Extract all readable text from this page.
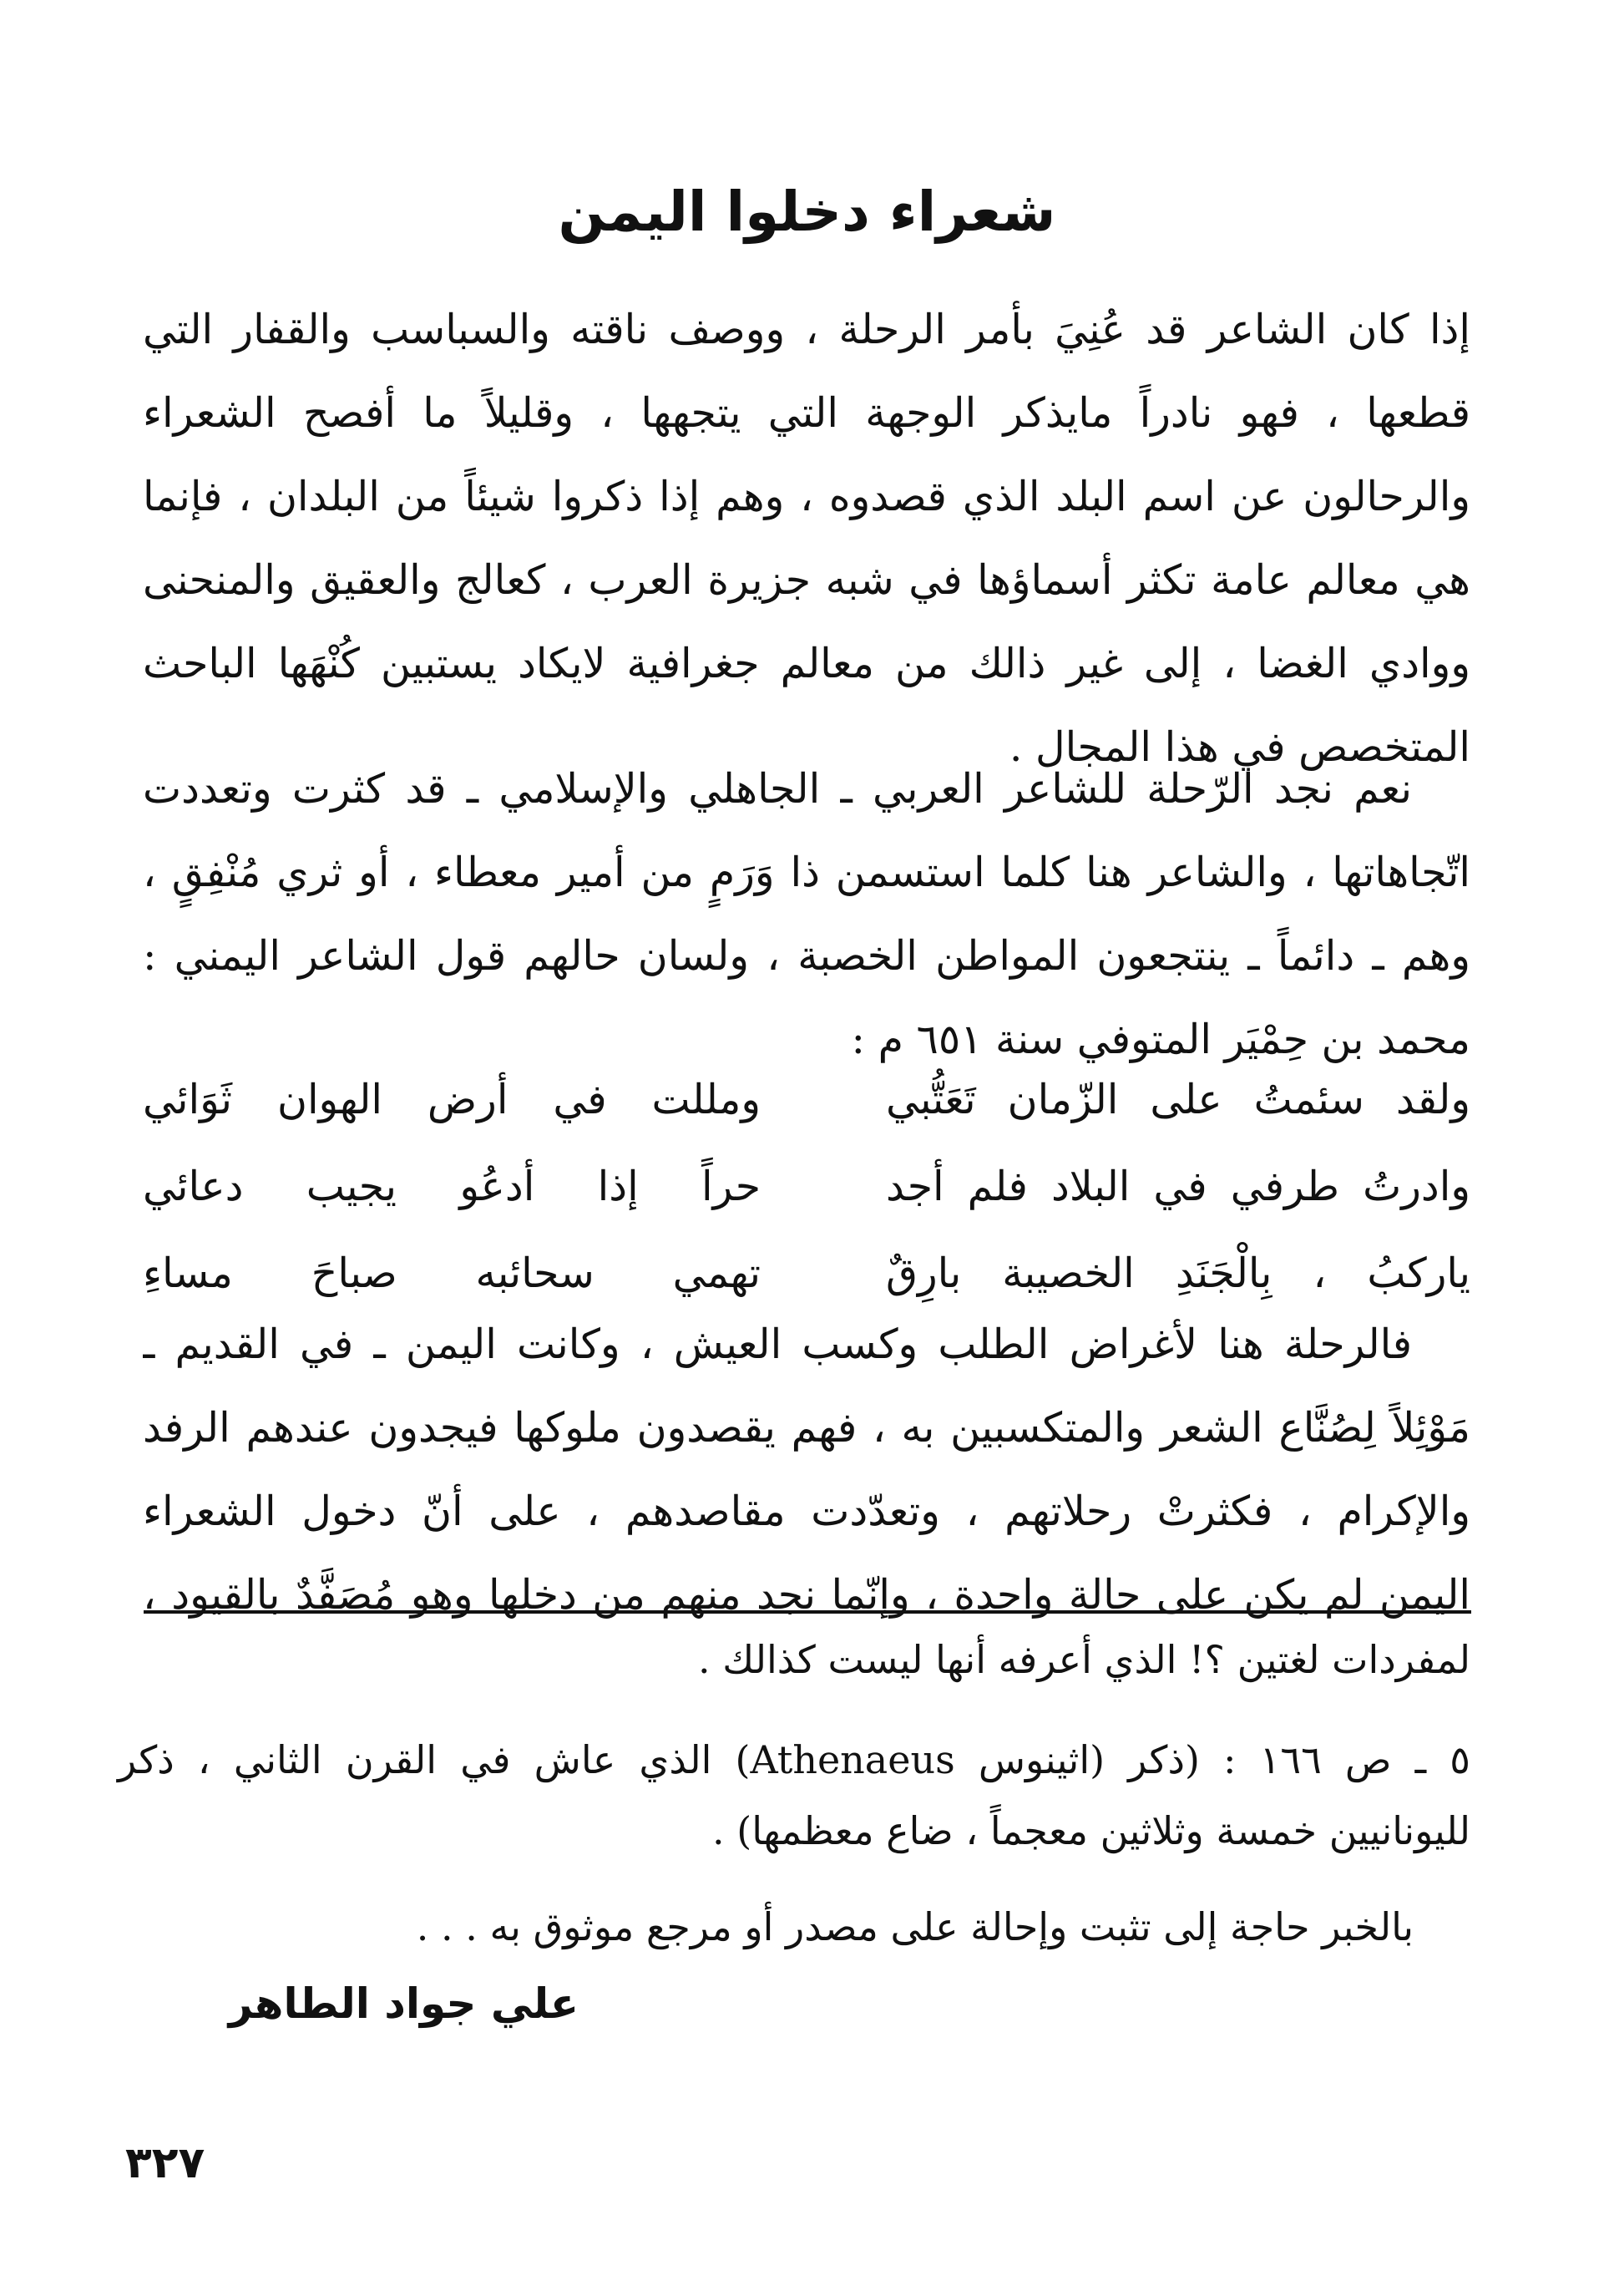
شعراء دخلوا اليمن
إذا كان الشاعر قد عُنِيَ بأمر الرحلة ، ووصف ناقته والسباسب والقفار التي
قطعها ، فهو نادراً مايذكر الوجهة التي يتجهها ، وقليلاً ما أفصح الشعراء
والرحالون عن اسم البلد الذي قصدوه ، وهم إذا ذكروا شيئاً من البلدان ، فإنما
هي معالم عامة تكثر أسماؤها في شبه جزيرة العرب ، كعالج والعقيق والمنحنى
ووادي الغضا ، إلى غير ذالك من معالم جغرافية لايكاد يستبين كُنْهَها الباحث
المتخصص في هذا المجال .
نعم نجد الرّحلة للشاعر العربي ـ الجاهلي والإسلامي ـ قد كثرت وتعددت
اتّجاهاتها ، والشاعر هنا كلما استسمن ذا وَرَمٍ من أمير معطاء ، أو ثري مُنْفِقٍ ،
وهم ـ دائماً ـ ينتجعون المواطن الخصبة ، ولسان حالهم قول الشاعر اليمني :
محمد بن حِمْيَر المتوفي سنة ٦٥١ م :
ولقد سئمتُ على الزّمان تَعَتُّبي
ومللت في أرض الهوان ثَوَائي
وادرتُ طرفي في البلاد فلم أجد
حراً إذا أدعُو يجيب دعائي
ياركبُ ، بِالْجَنَدِ الخصيبة بارِقٌ
تهمي سحائبه صباحَ مساءِ
فالرحلة هنا لأغراض الطلب وكسب العيش ، وكانت اليمن ـ في القديم ـ
مَوْئِلاً لِصُنَّاع الشعر والمتكسبين به ، فهم يقصدون ملوكها فيجدون عندهم الرفد
والإكرام ، فكثرتْ رحلاتهم ، وتعدّدت مقاصدهم ، على أنّ دخول الشعراء
اليمن لم يكن على حالة واحدة ، وإنّما نجد منهم من دخلها وهو مُصَفَّدٌ بالقيود ،
لمفردات لغتين ؟! الذي أعرفه أنها ليست كذالك .
٥ ـ ص ١٦٦ : (ذكر (اثينوس Athenaeus) الذي عاش في القرن الثاني ، ذكر
لليونانيين خمسة وثلاثين معجماً ، ضاع معظمها) .
بالخبر حاجة إلى تثبت وإحالة على مصدر أو مرجع موثوق به . . .
علي جواد الطاهر
٣٢٧
